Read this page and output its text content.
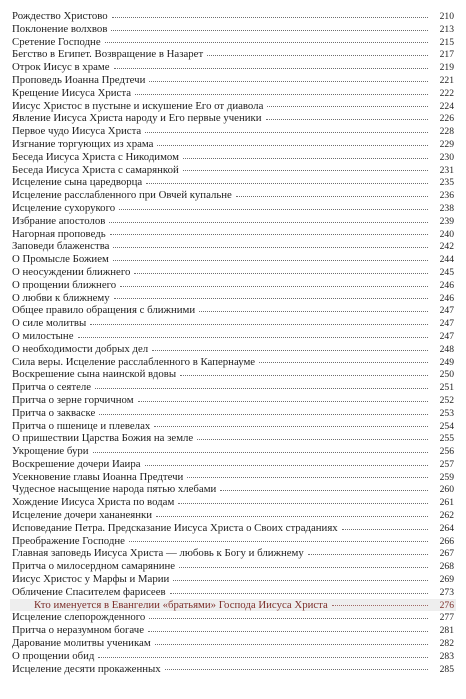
Рождество Христово	210
Поклонение волхвов	213
Сретение Господне	215
Бегство в Египет. Возвращение в Назарет	217
Отрок Иисус в храме	219
Проповедь Иоанна Предтечи	221
Крещение Иисуса Христа	222
Иисус Христос в пустыне и искушение Его от диавола	224
Явление Иисуса Христа народу и Его первые ученики	226
Первое чудо Иисуса Христа	228
Изгнание торгующих из храма	229
Беседа Иисуса Христа с Никодимом	230
Беседа Иисуса Христа с самарянкой	231
Исцеление сына царедворца	235
Исцеление расслабленного при Овчей купальне	236
Исцеление сухорукого	238
Избрание апостолов	239
Нагорная проповедь	240
Заповеди блаженства	242
О Промысле Божием	244
О неосуждении ближнего	245
О прощении ближнего	246
О любви к ближнему	246
Общее правило обращения с ближними	247
О силе молитвы	247
О милостыне	247
О необходимости добрых дел	248
Сила веры. Исцеление расслабленного в Капернауме	249
Воскрешение сына наинской вдовы	250
Притча о сеятеле	251
Притча о зерне горчичном	252
Притча о закваске	253
Притча о пшенице и плевелах	254
О пришествии Царства Божия на земле	255
Укрощение бури	256
Воскрешение дочери Иаира	257
Усекновение главы Иоанна Предтечи	259
Чудесное насыщение народа пятью хлебами	260
Хождение Иисуса Христа по водам	261
Исцеление дочери хананеянки	262
Исповедание Петра. Предсказание Иисуса Христа о Своих страданиях	264
Преображение Господне	266
Главная заповедь Иисуса Христа — любовь к Богу и ближнему	267
Притча о милосердном самарянине	268
Иисус Христос у Марфы и Марии	269
Обличение Спасителем фарисеев	273
Кто именуется в Евангелии «братьями» Господа Иисуса Христа	276
Исцеление слепорожденного	277
Притча о неразумном богаче	281
Дарование молитвы ученикам	282
О прощении обид	283
Исцеление десяти прокаженных	285
